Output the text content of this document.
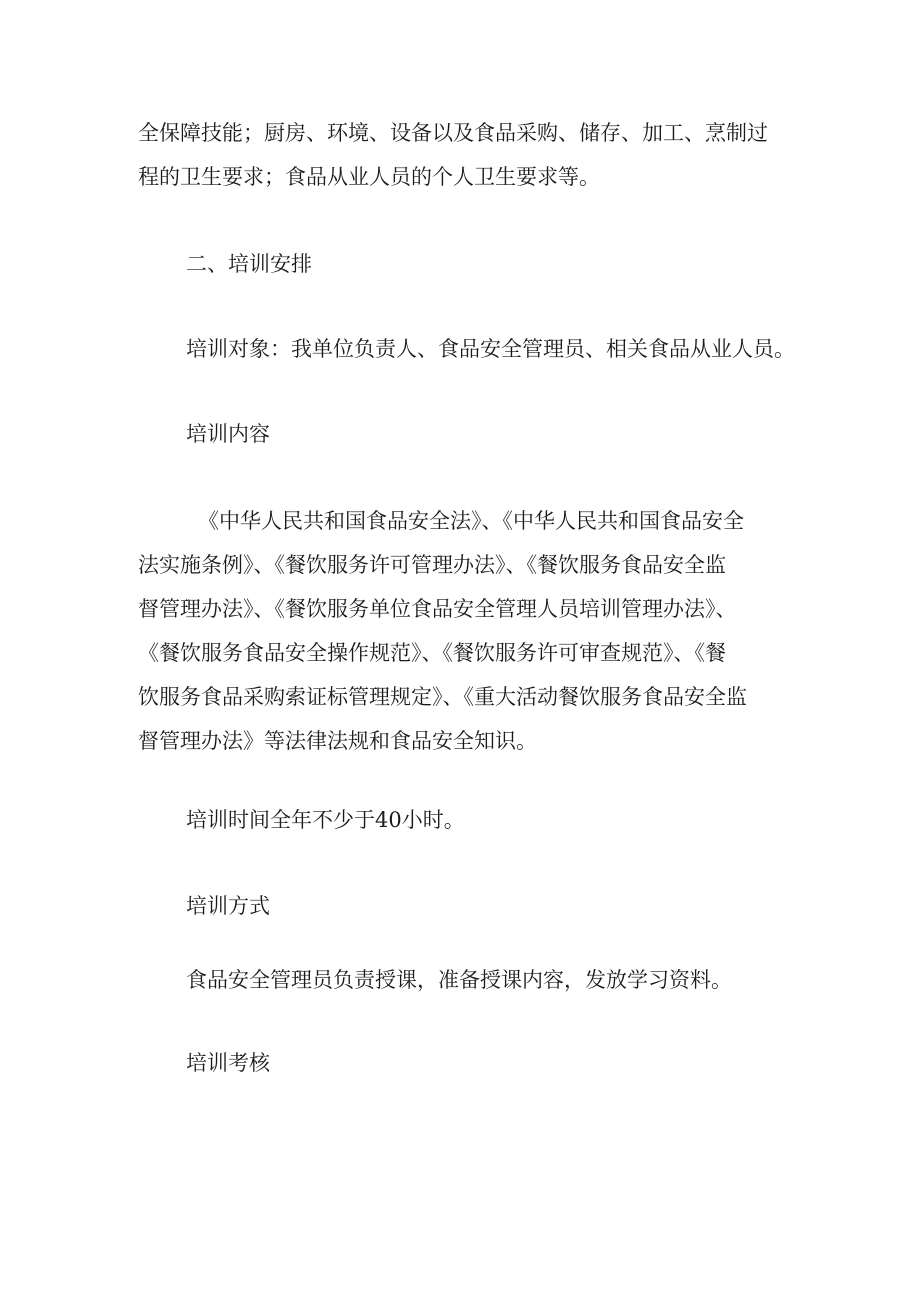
全保障技能；厨房、环境、设备以及食品采购、储存、加工、烹制过
程的卫生要求；食品从业人员的个人卫生要求等。
二、培训安排
培训对象：我单位负责人、食品安全管理员、相关食品从业人员。
培训内容
《中华人民共和国食品安全法》、《中华人民共和国食品安全
法实施条例》、《餐饮服务许可管理办法》、《餐饮服务食品安全监
督管理办法》、《餐饮服务单位食品安全管理人员培训管理办法》、
《餐饮服务食品安全操作规范》、《餐饮服务许可审查规范》、《餐
饮服务食品采购索证标管理规定》、《重大活动餐饮服务食品安全监
督管理办法》等法律法规和食品安全知识。
培训时间全年不少于40小时。
培训方式
食品安全管理员负责授课，准备授课内容，发放学习资料。
培训考核
